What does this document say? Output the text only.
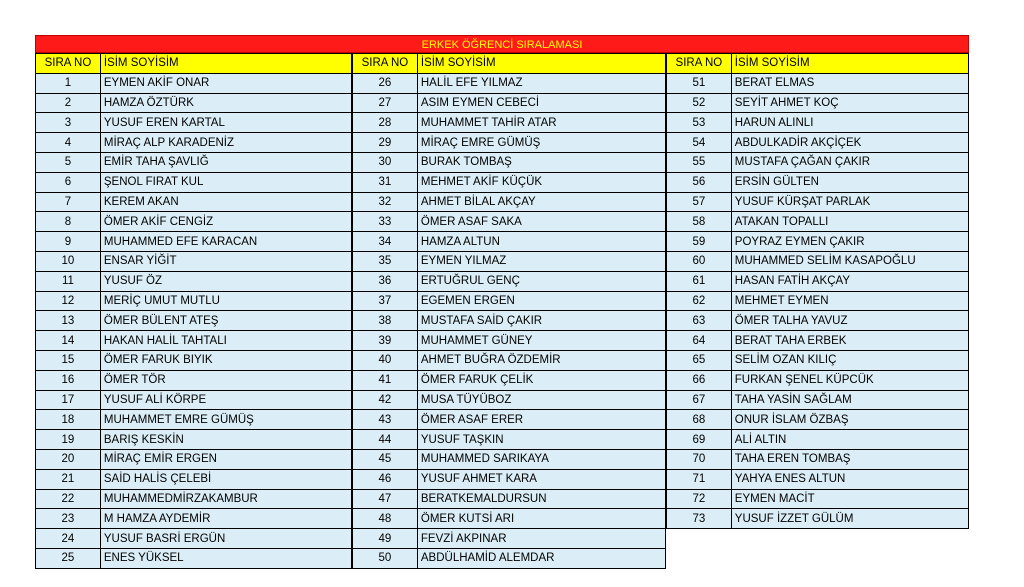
ERKEK ÖĞRENCİ SIRALAMASI
SIRA NO	İSİM SOYİSİM
1	EYMEN AKİF ONAR
2	HAMZA ÖZTÜRK
3	YUSUF EREN KARTAL
4	MİRAÇ ALP KARADENİZ
5	EMİR TAHA ŞAVLIĞ
6	ŞENOL FIRAT KUL
7	KEREM AKAN
8	ÖMER AKİF CENGİZ
9	MUHAMMED EFE KARACAN
10	ENSAR YİĞİT
11	YUSUF ÖZ
12	MERİÇ UMUT MUTLU
13	ÖMER BÜLENT ATEŞ
14	HAKAN HALİL TAHTALI
15	ÖMER FARUK BIYIK
16	ÖMER TÖR
17	YUSUF ALİ KÖRPE
18	MUHAMMET EMRE GÜMÜŞ
19	BARIŞ KESKİN
20	MİRAÇ EMİR ERGEN
21	SAİD HALİS ÇELEBİ
22	MUHAMMEDMİRZAKAMBUR
23	M HAMZA AYDEMİR
24	YUSUF BASRİ ERGÜN
25	ENES YÜKSEL
SIRA NO	İSİM SOYİSİM
26	HALİL EFE YILMAZ
27	ASIM EYMEN CEBECİ
28	MUHAMMET TAHİR ATAR
29	MİRAÇ EMRE GÜMÜŞ
30	BURAK TOMBAŞ
31	MEHMET AKİF KÜÇÜK
32	AHMET BİLAL AKÇAY
33	ÖMER ASAF SAKA
34	HAMZA ALTUN
35	EYMEN YILMAZ
36	ERTUĞRUL GENÇ
37	EGEMEN ERGEN
38	MUSTAFA SAİD ÇAKIR
39	MUHAMMET GÜNEY
40	AHMET BUĞRA ÖZDEMİR
41	ÖMER FARUK ÇELİK
42	MUSA TÜYÜBOZ
43	ÖMER ASAF ERER
44	YUSUF TAŞKIN
45	MUHAMMED SARIKAYA
46	YUSUF AHMET KARA
47	BERATKEMALDURSUN
48	ÖMER KUTSİ ARI
49	FEVZİ AKPINAR
50	ABDÜLHAMİD ALEMDAR
SIRA NO	İSİM SOYİSİM
51	BERAT ELMAS
52	SEYİT AHMET KOÇ
53	HARUN ALINLI
54	ABDULKADİR AKÇİÇEK
55	MUSTAFA ÇAĞAN ÇAKIR
56	ERSİN GÜLTEN
57	YUSUF KÜRŞAT PARLAK
58	ATAKAN TOPALLI
59	POYRAZ EYMEN ÇAKIR
60	MUHAMMED SELİM KASAPOĞLU
61	HASAN FATİH AKÇAY
62	MEHMET EYMEN
63	ÖMER TALHA YAVUZ
64	BERAT TAHA ERBEK
65	SELİM OZAN KILIÇ
66	FURKAN ŞENEL KÜPCÜK
67	TAHA YASİN SAĞLAM
68	ONUR İSLAM ÖZBAŞ
69	ALİ ALTIN
70	TAHA EREN TOMBAŞ
71	YAHYA ENES ALTUN
72	EYMEN MACİT
73	YUSUF İZZET GÜLÜM
